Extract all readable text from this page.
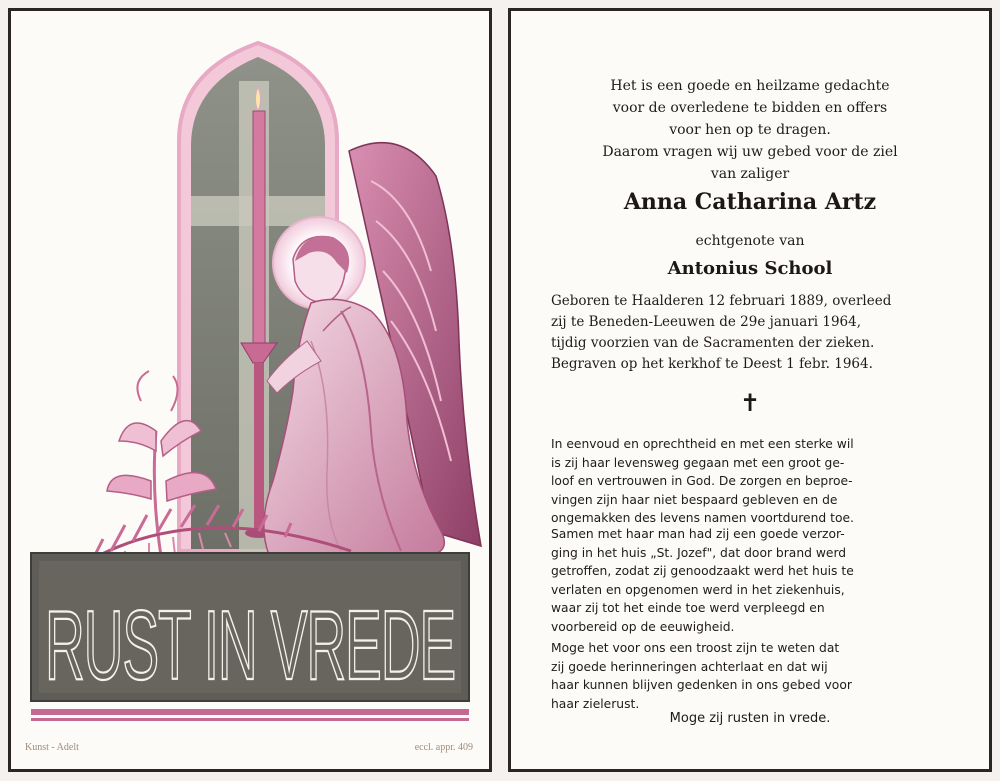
RUST IN VREDE
Kunst - Adelt	eccl. appr. 409
Het is een goede en heilzame gedachte
voor de overledene te bidden en offers
voor hen op te dragen.
Daarom vragen wij uw gebed voor de ziel
van zaliger
Anna Catharina Artz
echtgenote van
Antonius School
Geboren te Haalderen 12 februari 1889, overleed
zij te Beneden-Leeuwen de 29e januari 1964,
tijdig voorzien van de Sacramenten der zieken.
Begraven op het kerkhof te Deest 1 febr. 1964.
✝
In eenvoud en oprechtheid en met een sterke wil
is zij haar levensweg gegaan met een groot ge-
loof en vertrouwen in God. De zorgen en beproe-
vingen zijn haar niet bespaard gebleven en de
ongemakken des levens namen voortdurend toe.
Samen met haar man had zij een goede verzor-
ging in het huis „St. Jozef", dat door brand werd
getroffen, zodat zij genoodzaakt werd het huis te
verlaten en opgenomen werd in het ziekenhuis,
waar zij tot het einde toe werd verpleegd en
voorbereid op de eeuwigheid.
Moge het voor ons een troost zijn te weten dat
zij goede herinneringen achterlaat en dat wij
haar kunnen blijven gedenken in ons gebed voor
haar zielerust.
Moge zij rusten in vrede.
